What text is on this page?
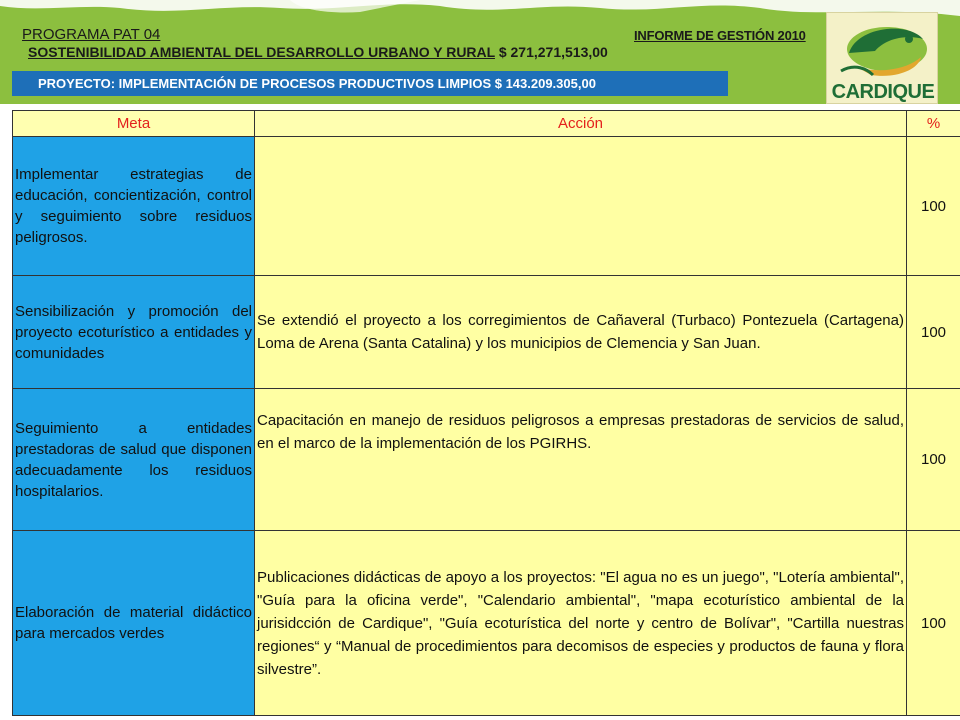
PROGRAMA PAT 04	INFORME DE GESTIÓN 2010
SOSTENIBILIDAD AMBIENTAL DEL DESARROLLO URBANO Y RURAL $ 271,271,513,00
PROYECTO: IMPLEMENTACIÓN DE PROCESOS PRODUCTIVOS LIMPIOS $ 143.209.305,00	CARDIQUE
Meta	Acción	%
Implementar estrategias de educación, concientización, control y seguimiento sobre residuos peligrosos.		100
Sensibilización y promoción del proyecto ecoturístico a entidades y comunidades	Se extendió el proyecto a los corregimientos de Cañaveral (Turbaco) Pontezuela (Cartagena) Loma de Arena (Santa Catalina) y los municipios de Clemencia y San Juan.	100
Seguimiento a entidades prestadoras de salud que disponen adecuadamente los residuos hospitalarios.	Capacitación en manejo de residuos peligrosos a empresas prestadoras de servicios de salud, en el marco de la implementación de los PGIRHS.	100
Elaboración de material didáctico para mercados verdes	Publicaciones didácticas de apoyo a los proyectos: "El agua no es un juego", "Lotería ambiental", "Guía para la oficina verde", "Calendario ambiental", "mapa ecoturístico ambiental de la jurisidcción de Cardique", "Guía ecoturística del norte y centro de Bolívar", "Cartilla nuestras regiones“ y “Manual de procedimientos para decomisos de especies y productos de fauna y flora silvestre”.	100
